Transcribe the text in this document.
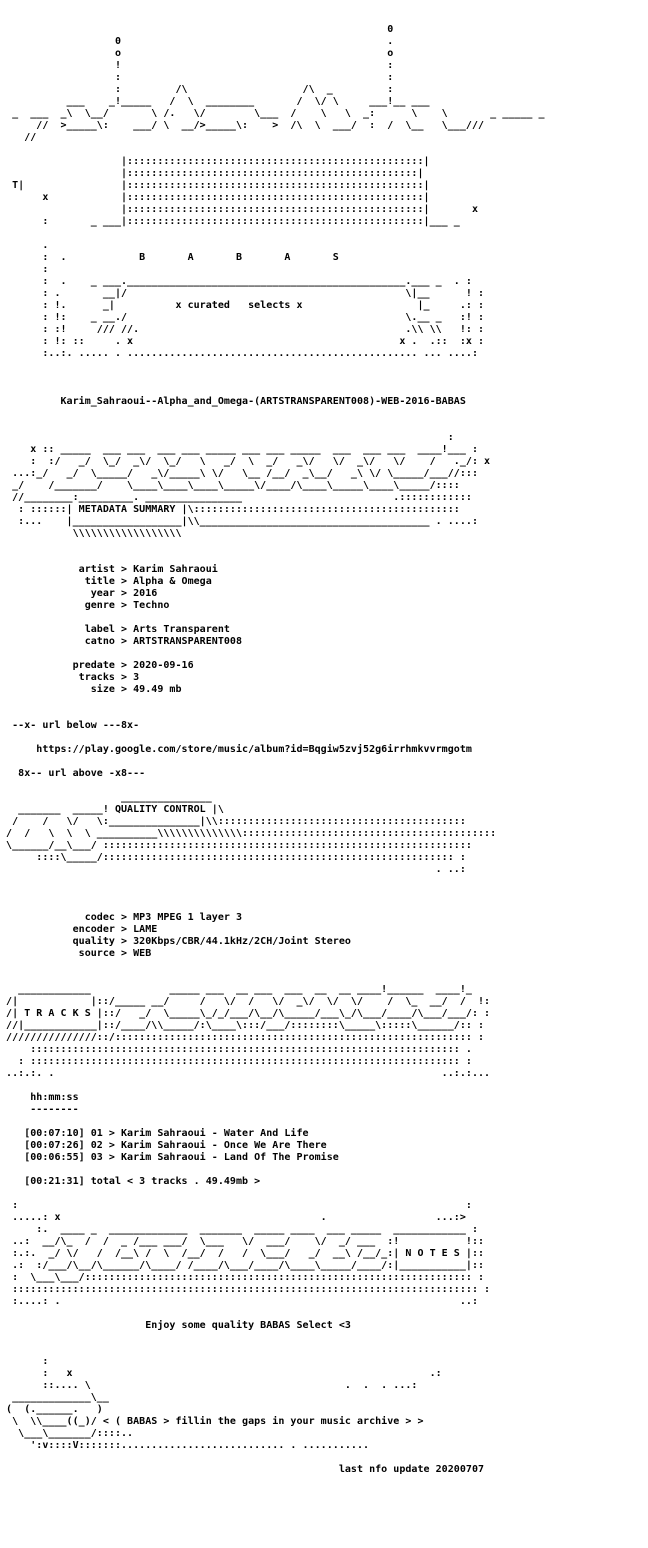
0
0                                            .
o                                            o
!                                            :
:                                            :
:         /\                   /\  _         :
___    _!_____   /  \  ________       /  \/ \     ___!__ ___
_  ___  _\  \__/       \ /.   \/        \___  /    \   \  _:      \    \       _ _____ _
//  >_____\:    ___/ \  __/>_____\:    >  /\  \  ___/  :  /  \__   \___///
//

|:::::::::::::::::::::::::::::::::::::::::::::::::|
|::::::::::::::::::::::::::::::::::::::::::::::::|
T|                |:::::::::::::::::::::::::::::::::::::::::::::::::|
x            |:::::::::::::::::::::::::::::::::::::::::::::::::|
|:::::::::::::::::::::::::::::::::::::::::::::::::|       x
:       _ ___|:::::::::::::::::::::::::::::::::::::::::::::::::|___ _

.
:  .            B       A       B       A       S
:
:  .    _ ___.______________________________________________.___ _  . :
: .       __|/                                              \|__      ! :
: !.      _|          x curated   selects x                   |_     .: :
: !:    _ __./                                              \.__ _   :! :
: :!     /// //.                                            .\\ \\   !: :
: !: ::     . x                                            x .  .::  :x :
:..:. ..... . ................................................ ... ....:

Karim_Sahraoui--Alpha_and_Omega-(ARTSTRANSPARENT008)-WEB-2016-BABAS

:
x :: _____  ___ ___  ___ ___ _____ ___ ___ _____  ___  ___ ___  ____!___ :
:  :/   _/  \_/  _\/  \_/   \   _/  \  _/   _\/   \/  _\/   \/    /   ._/: x
...:_/   _/  \_____/   _\/_____\ \/   \__ /__/  _\__/   _\ \/ \_____/___//:::
_/    /_______/    \____\____\____\_____\/____/\____\_____\____\_____/::::
//________:_________. ________________                         .::::::::::::
: ::::::| METADATA SUMMARY |\::::::::::::::::::::::::::::::::::::::::::::
:...    |__________________|\\______________________________________ . ....:
\\\\\\\\\\\\\\\\\\

artist > Karim Sahraoui
title > Alpha & Omega
year > 2016
genre > Techno

label > Arts Transparent
catno > ARTSTRANSPARENT008

predate > 2020-09-16
tracks > 3
size > 49.49 mb

--x- url below ---8x-

https://play.google.com/store/music/album?id=Bqgiw5zvj52g6irrhmkvvrmgotm

8x-- url above -x8---

_______________
_______  _____! QUALITY CONTROL |\
/    /   \/   \:_______________|\\:::::::::::::::::::::::::::::::::::::::::
/  /   \  \  \ __________\\\\\\\\\\\\\\::::::::::::::::::::::::::::::::::::::::::
\______/__\___/ :::::::::::::::::::::::::::::::::::::::::::::::::::::::::::::
::::\_____/:::::::::::::::::::::::::::::::::::::::::::::::::::::::::: :
. ..:

codec > MP3 MPEG 1 layer 3
encoder > LAME
quality > 320Kbps/CBR/44.1kHz/2CH/Joint Stereo
source > WEB

____________             _____ ___  __ ___  ___  __  __ ____!______  ____!_
/|            |::/_____ __/     /   \/  /   \/  _\/  \/  \/    /  \_  __/  /  !:
/| T R A C K S |::/   _/  \_____\_/_/___/\__/\_____/___\_/\___/____/\___/___/: :
//|____________|::/____/\\_____/:\____\:::/___/::::::::\_____\:::::\______/:: :
///////////////::/::::::::::::::::::::::::::::::::::::::::::::::::::::::::::: :
::::::::::::::::::::::::::::::::::::::::::::::::::::::::::::::::::::::: .
: ::::::::::::::::::::::::::::::::::::::::::::::::::::::::::::::::::::::: :
..:.:. .                                                                ..:.:...

hh:mm:ss
--------

[00:07:10] 01 > Karim Sahraoui - Water And Life
[00:07:26] 02 > Karim Sahraoui - Once We Are There
[00:06:55] 03 > Karim Sahraoui - Land Of The Promise

[00:21:31] total < 3 tracks . 49.49mb >

:                                                                          :
.....: x                                           .                  ...:>
:.  ____ _  _____________  _______  _____ ____  ___ _____  ____________ :
..:  __/\_  /  /  _ /___ ___/  \___   \/  ___/    \/  _/ ___  :!           !::
:.:.  _/ \/   /  /__\ /  \  /__/  /   /  \___/   _/  __\ /__/_:| N O T E S |::
.:  :/___/\__/\______/\____/ /____/\___/____/\____\_____/____/:|___________|::
:  \___\___/:::::::::::::::::::::::::::::::::::::::::::::::::::::::::::::::: :
::::::::::::::::::::::::::::::::::::::::::::::::::::::::::::::::::::::::::::: :
:....: .                                                                  ..:

Enjoy some quality BABAS Select <3

:
:   x                                                           .:
::.... \                                          .  .  . ...:
_____________\__
(  (.______.   )
\  \\____((_)/ < ( BABAS > fillin the gaps in your music archive > >
\___\_______/::::..
':v::::V:::::::........................... . ...........

last nfo update 20200707
